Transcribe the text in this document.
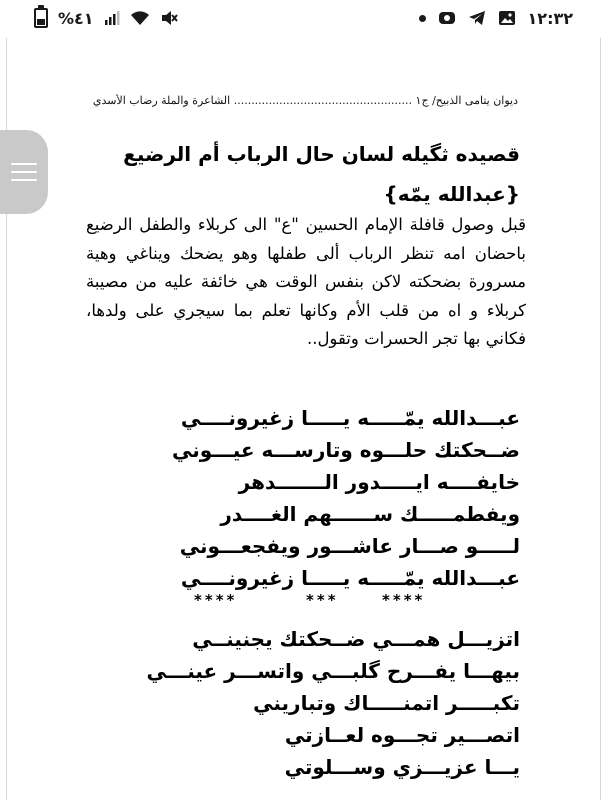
%٤١	١٢:٣٢
ديوان يتامى الذبيح/ ج١ ................................................... الشاعرة والملة رضاب الأسدي
قصيده ثگيله لسان حال الرباب أم الرضيع {عبدالله يمّه}
قبل وصول قافلة الإمام الحسين "ع" الى كربلاء والطفل الرضيع باحضان امه تنظر الرباب ألى طفلها وهو يضحك ويناغي وهية مسرورة بضحكته لاكن بنفس الوقت هي خائفة عليه من مصيبة كربلاء و اه من قلب الأم وكانها تعلم بما سيجري على ولدها، فكاني بها تجر الحسرات وتقول..
عبـــدالله يمّـــــه يـــــا زغيرونــــي
ضــحكتك حلـــوه وتارســـه عيـــوني
خايفــــه ايـــــدور الـــــــدهر
ويفطمـــــك ســــــهم الغــــدر
لـــــو صـــار عاشـــور ويفجعـــوني
عبـــدالله يمّـــــه يـــــا زغيرونــــي
****	***	****
اتزيـــل همـــي ضــحكتك يجنينــي
بيهـــا يفـــرح گلبـــي واتســـر عينـــي
تكبـــــر اتمنـــــاك وتباريني
اتصـــير تجـــوه لعــازتي
يـــا عزيـــزي وســـلوتي
